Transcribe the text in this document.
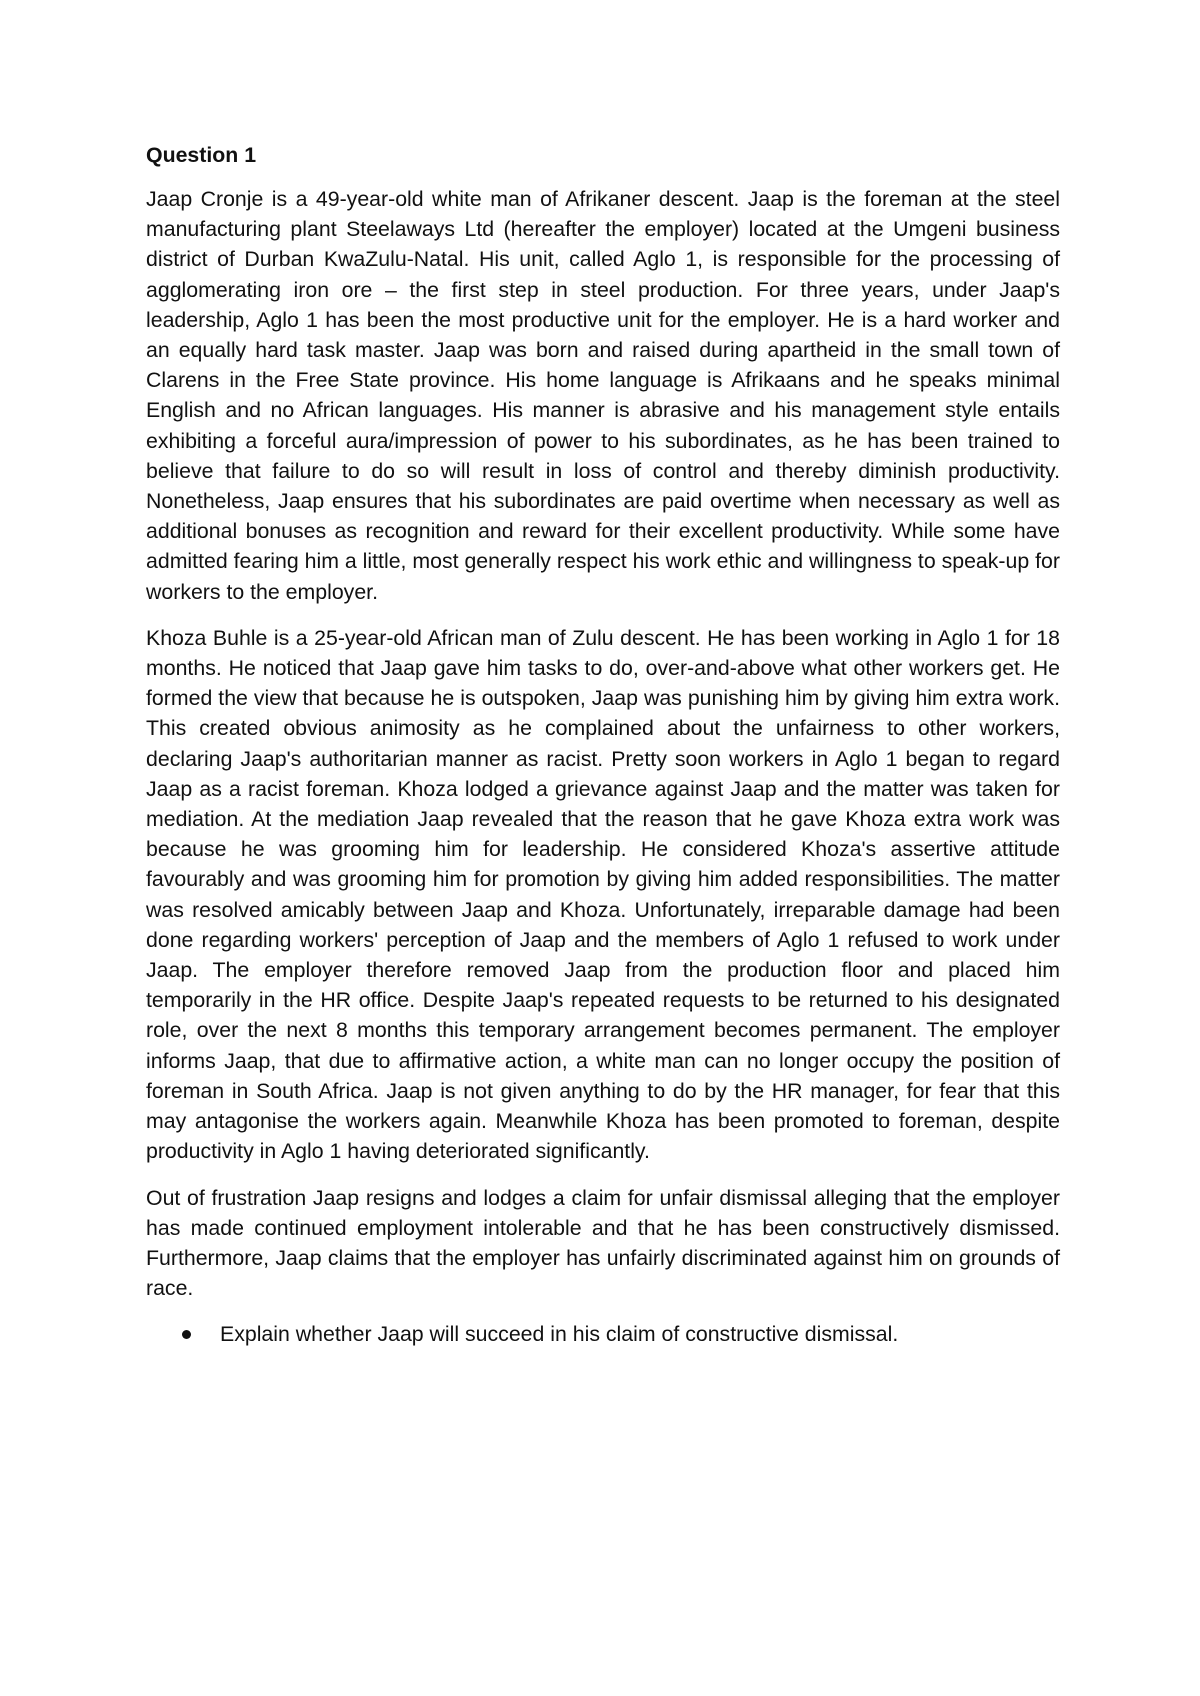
Question 1

Jaap Cronje is a 49-year-old white man of Afrikaner descent. Jaap is the foreman at the steel manufacturing plant Steelaways Ltd (hereafter the employer) located at the Umgeni business district of Durban KwaZulu-Natal. His unit, called Aglo 1, is responsible for the processing of agglomerating iron ore – the first step in steel production. For three years, under Jaap's leadership, Aglo 1 has been the most productive unit for the employer. He is a hard worker and an equally hard task master. Jaap was born and raised during apartheid in the small town of Clarens in the Free State province. His home language is Afrikaans and he speaks minimal English and no African languages. His manner is abrasive and his management style entails exhibiting a forceful aura/impression of power to his subordinates, as he has been trained to believe that failure to do so will result in loss of control and thereby diminish productivity. Nonetheless, Jaap ensures that his subordinates are paid overtime when necessary as well as additional bonuses as recognition and reward for their excellent productivity. While some have admitted fearing him a little, most generally respect his work ethic and willingness to speak-up for workers to the employer.

Khoza Buhle is a 25-year-old African man of Zulu descent. He has been working in Aglo 1 for 18 months. He noticed that Jaap gave him tasks to do, over-and-above what other workers get. He formed the view that because he is outspoken, Jaap was punishing him by giving him extra work. This created obvious animosity as he complained about the unfairness to other workers, declaring Jaap's authoritarian manner as racist. Pretty soon workers in Aglo 1 began to regard Jaap as a racist foreman. Khoza lodged a grievance against Jaap and the matter was taken for mediation. At the mediation Jaap revealed that the reason that he gave Khoza extra work was because he was grooming him for leadership. He considered Khoza's assertive attitude favourably and was grooming him for promotion by giving him added responsibilities. The matter was resolved amicably between Jaap and Khoza. Unfortunately, irreparable damage had been done regarding workers' perception of Jaap and the members of Aglo 1 refused to work under Jaap. The employer therefore removed Jaap from the production floor and placed him temporarily in the HR office. Despite Jaap's repeated requests to be returned to his designated role, over the next 8 months this temporary arrangement becomes permanent. The employer informs Jaap, that due to affirmative action, a white man can no longer occupy the position of foreman in South Africa. Jaap is not given anything to do by the HR manager, for fear that this may antagonise the workers again. Meanwhile Khoza has been promoted to foreman, despite productivity in Aglo 1 having deteriorated significantly.

Out of frustration Jaap resigns and lodges a claim for unfair dismissal alleging that the employer has made continued employment intolerable and that he has been constructively dismissed. Furthermore, Jaap claims that the employer has unfairly discriminated against him on grounds of race.

Explain whether Jaap will succeed in his claim of constructive dismissal.
